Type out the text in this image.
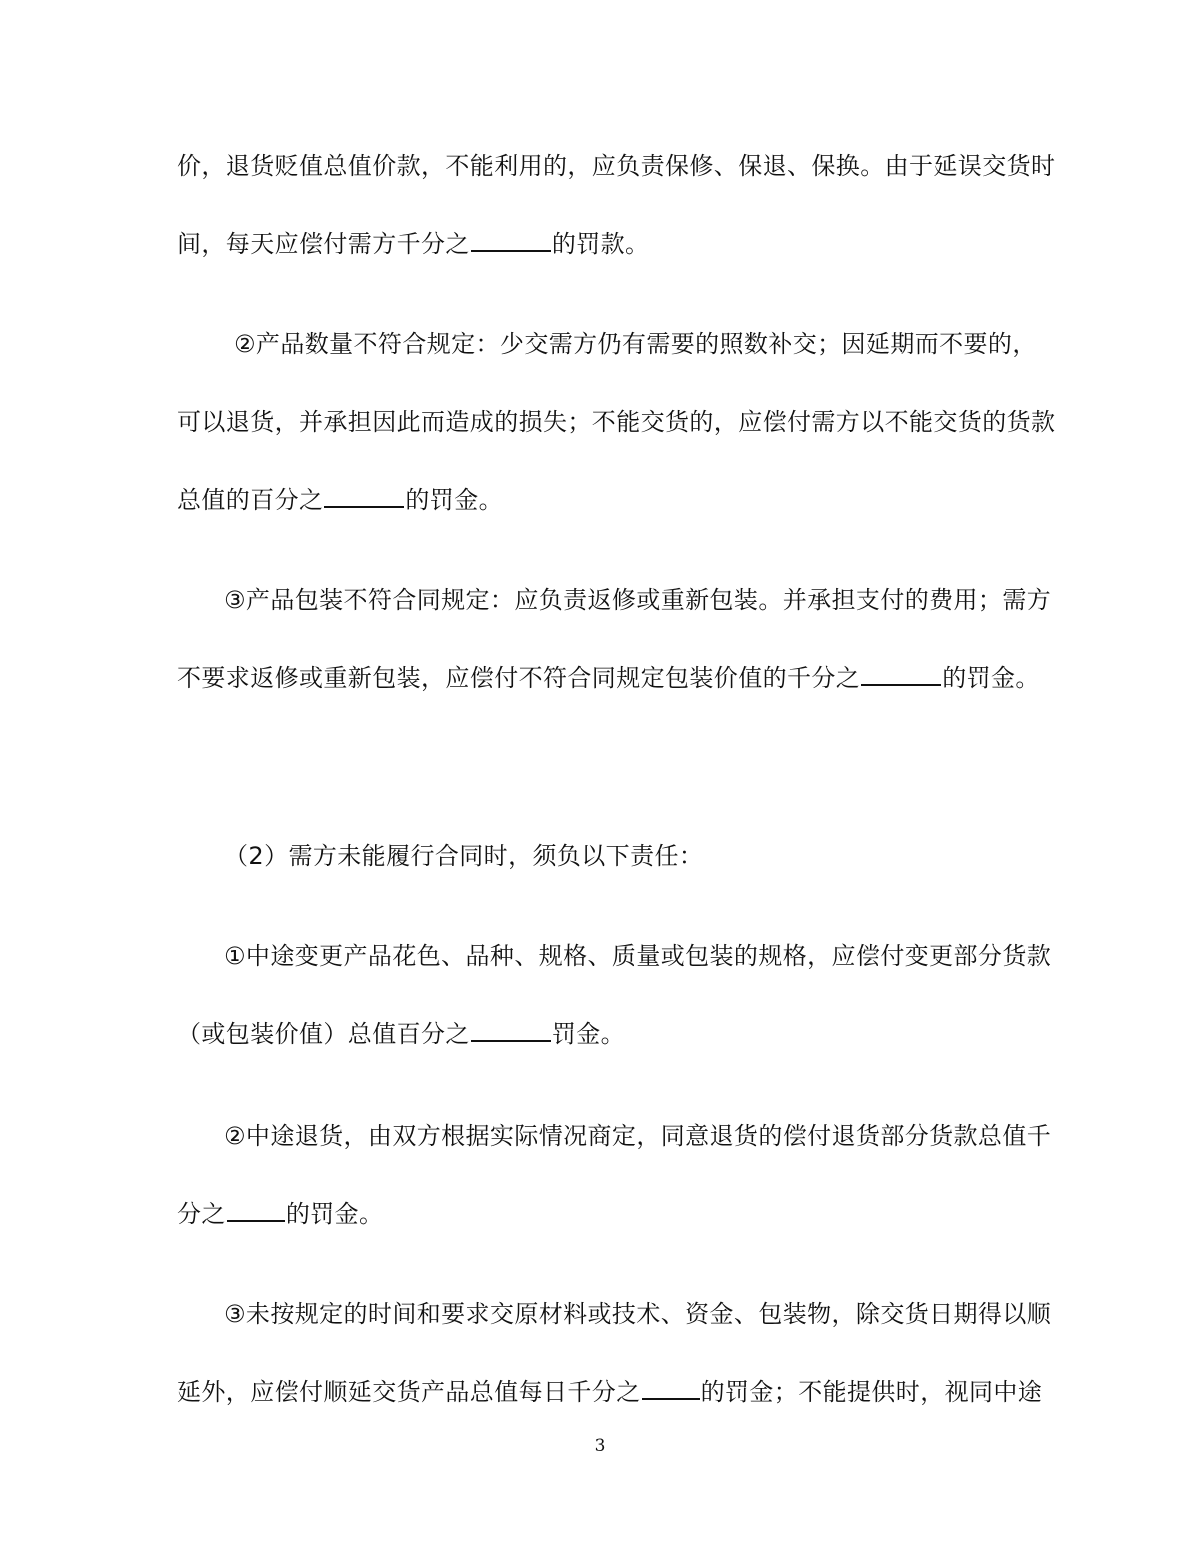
价，退货贬值总值价款，不能利用的，应负责保修、保退、保换。由于延误交货时
间，每天应偿付需方千分之	的罚款。
②产品数量不符合规定：少交需方仍有需要的照数补交；因延期而不要的，
可以退货，并承担因此而造成的损失；不能交货的，应偿付需方以不能交货的货款
总值的百分之	的罚金。
③产品包装不符合同规定：应负责返修或重新包装。并承担支付的费用；需方
不要求返修或重新包装，应偿付不符合同规定包装价值的千分之	的罚金。
（2）需方未能履行合同时，须负以下责任：
①中途变更产品花色、品种、规格、质量或包装的规格，应偿付变更部分货款
（或包装价值）总值百分之	罚金。
②中途退货，由双方根据实际情况商定，同意退货的偿付退货部分货款总值千
分之	的罚金。
③未按规定的时间和要求交原材料或技术、资金、包装物，除交货日期得以顺
延外，应偿付顺延交货产品总值每日千分之	的罚金；不能提供时，视同中途
3
